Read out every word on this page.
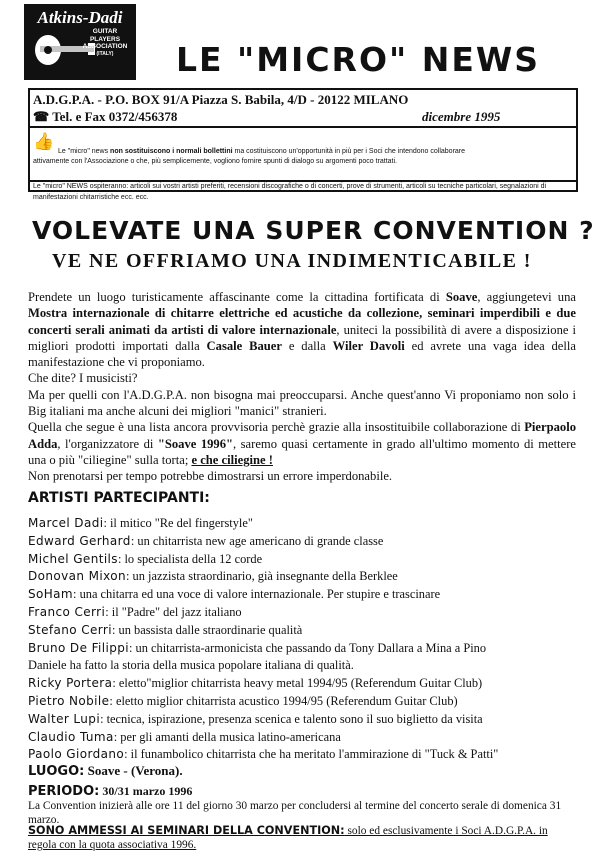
Atkins-Dadi
GUITAR
PLAYERS
ASSOCIATION
(ITALY)	LE "MICRO" NEWS
A.D.G.P.A. - P.O. BOX 91/A Piazza S. Babila, 4/D - 20122 MILANO
☎ Tel. e Fax 0372/456378	dicembre 1995
👍
Le "micro" news non sostituiscono i normali bollettini ma costituiscono un'opportunità in più per i Soci che intendono collaborare
attivamente con l'Associazione o che, più semplicemente, vogliono fornire spunti di dialogo su argomenti poco trattati.
Le "micro" NEWS ospiteranno: articoli sui vostri artisti preferiti, recensioni discografiche o di concerti, prove di strumenti, articoli su tecniche particolari, segnalazioni di manifestazioni chitarristiche ecc. ecc.
VOLEVATE UNA SUPER CONVENTION ?
VE NE OFFRIAMO UNA INDIMENTICABILE !

Prendete un luogo turisticamente affascinante come la cittadina fortificata di Soave, aggiungetevi una Mostra internazionale di chitarre elettriche ed acustiche da collezione, seminari imperdibili e due concerti serali animati da artisti di valore internazionale, uniteci la possibilità di avere a disposizione i migliori prodotti importati dalla Casale Bauer e dalla Wiler Davoli ed avrete una vaga idea della manifestazione che vi proponiamo.

Che dite? I musicisti?

Ma per quelli con l'A.D.G.P.A. non bisogna mai preoccuparsi. Anche quest'anno Vi proponiamo non solo i Big italiani ma anche alcuni dei migliori "manici" stranieri.

Quella che segue è una lista ancora provvisoria perchè grazie alla insostituibile collaborazione di Pierpaolo Adda, l'organizzatore di "Soave 1996", saremo quasi certamente in grado all'ultimo momento di mettere una o più "ciliegine" sulla torta; e che ciliegine !

Non prenotarsi per tempo potrebbe dimostrarsi un errore imperdonabile.

ARTISTI PARTECIPANTI:
Marcel Dadi: il mitico "Re del fingerstyle"
Edward Gerhard: un chitarrista new age americano di grande classe
Michel Gentils: lo specialista della 12 corde
Donovan Mixon: un jazzista straordinario, già insegnante della Berklee
SoHam: una chitarra ed una voce di valore internazionale. Per stupire e trascinare
Franco Cerri: il "Padre" del jazz italiano
Stefano Cerri: un bassista dalle straordinarie qualità
Bruno De Filippi: un chitarrista-armonicista che passando da Tony Dallara a Mina a Pino
Daniele ha fatto la storia della musica popolare italiana di qualità.
Ricky Portera: eletto"miglior chitarrista heavy metal 1994/95 (Referendum Guitar Club)
Pietro Nobile: eletto miglior chitarrista acustico 1994/95 (Referendum Guitar Club)
Walter Lupi: tecnica, ispirazione, presenza scenica e talento sono il suo biglietto da visita
Claudio Tuma: per gli amanti della musica latino-americana
Paolo Giordano: il funambolico chitarrista che ha meritato l'ammirazione di "Tuck & Patti"
LUOGO: Soave - (Verona).
PERIODO: 30/31 marzo 1996
La Convention inizierà alle ore 11 del giorno 30 marzo per concludersi al termine del concerto serale di domenica 31 marzo.
SONO AMMESSI AI SEMINARI DELLA CONVENTION: solo ed esclusivamente i Soci A.D.G.P.A. in regola con la quota associativa 1996.
